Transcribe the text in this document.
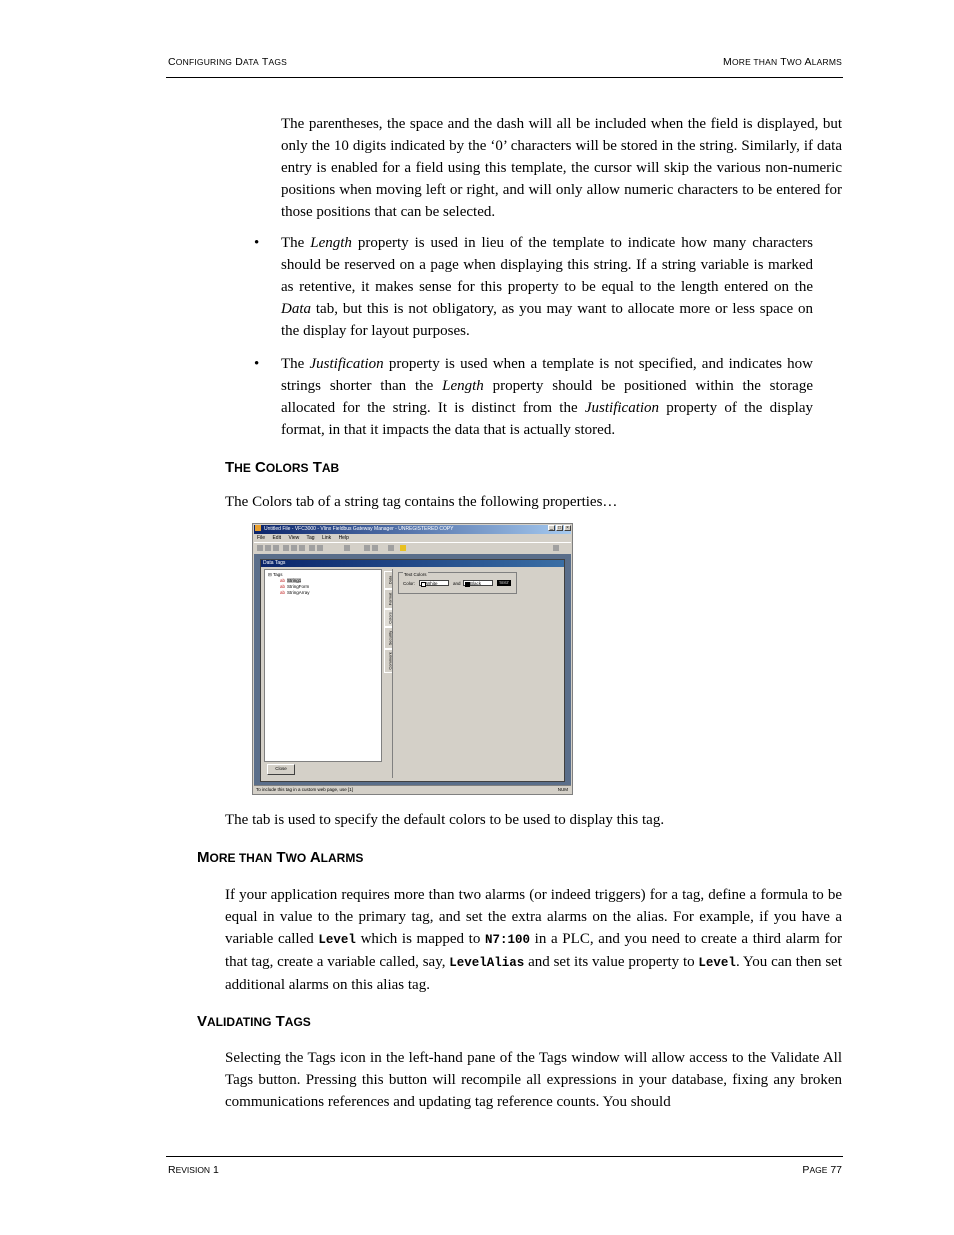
CONFIGURING DATA TAGS	MORE THAN TWO ALARMS

The parentheses, the space and the dash will all be included when the field is displayed, but only the 10 digits indicated by the ‘0’ characters will be stored in the string. Similarly, if data entry is enabled for a field using this template, the cursor will skip the various non-numeric positions when moving left or right, and will only allow numeric characters to be entered for those positions that can be selected.

• The Length property is used in lieu of the template to indicate how many characters should be reserved on a page when displaying this string. If a string variable is marked as retentive, it makes sense for this property to be equal to the length entered on the Data tab, but this is not obligatory, as you may want to allocate more or less space on the display for layout purposes.

• The Justification property is used when a template is not specified, and indicates how strings shorter than the Length property should be positioned within the storage allocated for the string. It is distinct from the Justification property of the display format, in that it impacts the data that is actually stored.

THE COLORS TAB

The Colors tab of a string tag contains the following properties…

Untitled File - VFC3000 - Vlinx Fieldbus Gateway Manager - UNREGISTERED COPY	_	□	×
File Edit View Tag Link Help
Data Tags
⊟ Tags
ab String1
ab StringForm
ab StringArray
Close
Data
Format
Colors
Security
Comment
Text Colors
Color:	White	and	Black	TEST
To include this tag in a custom web page, use [1]	NUM

The tab is used to specify the default colors to be used to display this tag.

MORE THAN TWO ALARMS

If your application requires more than two alarms (or indeed triggers) for a tag, define a formula to be equal in value to the primary tag, and set the extra alarms on the alias. For example, if you have a variable called Level which is mapped to N7:100 in a PLC, and you need to create a third alarm for that tag, create a variable called, say, LevelAlias and set its value property to Level. You can then set additional alarms on this alias tag.

VALIDATING TAGS

Selecting the Tags icon in the left-hand pane of the Tags window will allow access to the Validate All Tags button. Pressing this button will recompile all expressions in your database, fixing any broken communications references and updating tag reference counts. You should

REVISION 1	PAGE 77
